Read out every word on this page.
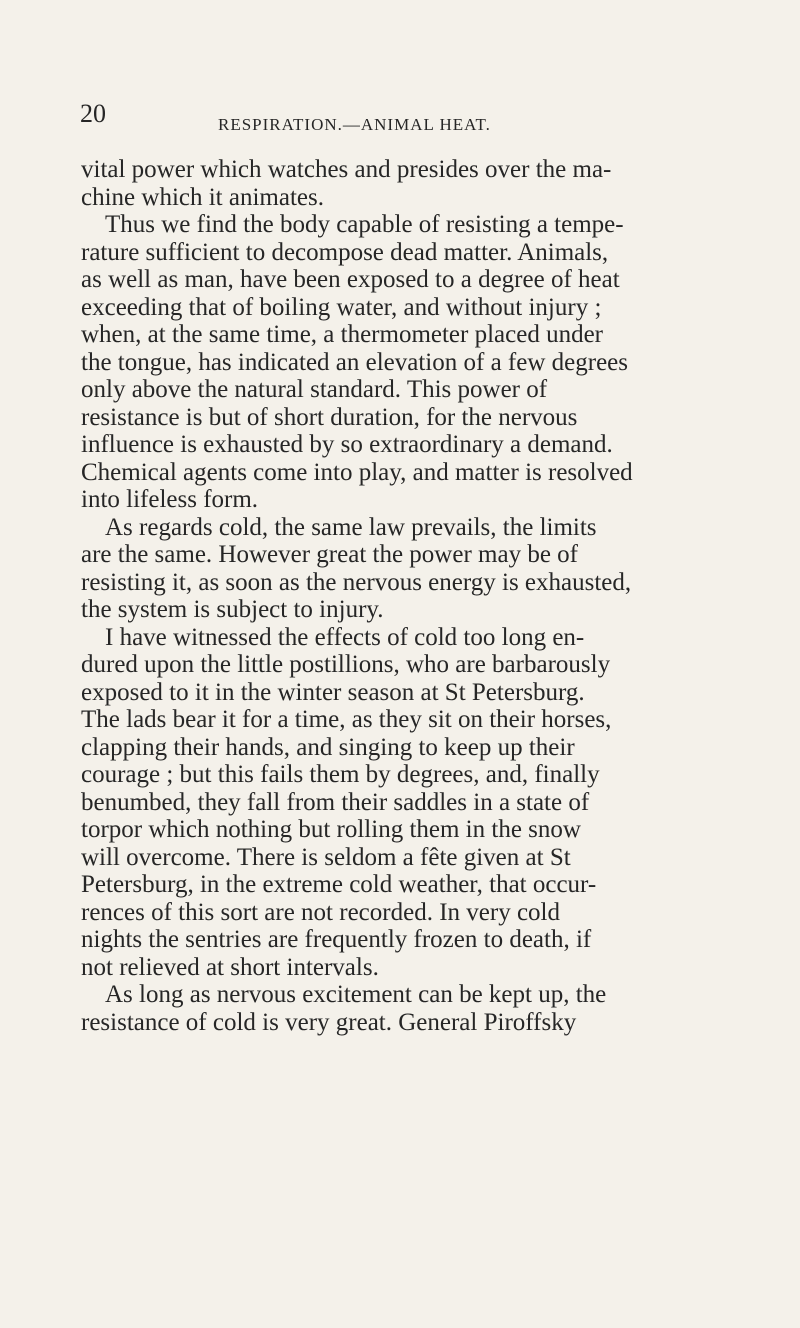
20	RESPIRATION.—ANIMAL HEAT.
vital power which watches and presides over the ma-
chine which it animates.
Thus we find the body capable of resisting a tempe-
rature sufficient to decompose dead matter. Animals,
as well as man, have been exposed to a degree of heat
exceeding that of boiling water, and without injury ;
when, at the same time, a thermometer placed under
the tongue, has indicated an elevation of a few degrees
only above the natural standard. This power of
resistance is but of short duration, for the nervous
influence is exhausted by so extraordinary a demand.
Chemical agents come into play, and matter is resolved
into lifeless form.
As regards cold, the same law prevails, the limits
are the same. However great the power may be of
resisting it, as soon as the nervous energy is exhausted,
the system is subject to injury.
I have witnessed the effects of cold too long en-
dured upon the little postillions, who are barbarously
exposed to it in the winter season at St Petersburg.
The lads bear it for a time, as they sit on their horses,
clapping their hands, and singing to keep up their
courage ; but this fails them by degrees, and, finally
benumbed, they fall from their saddles in a state of
torpor which nothing but rolling them in the snow
will overcome. There is seldom a fête given at St
Petersburg, in the extreme cold weather, that occur-
rences of this sort are not recorded. In very cold
nights the sentries are frequently frozen to death, if
not relieved at short intervals.
As long as nervous excitement can be kept up, the
resistance of cold is very great. General Piroffsky
